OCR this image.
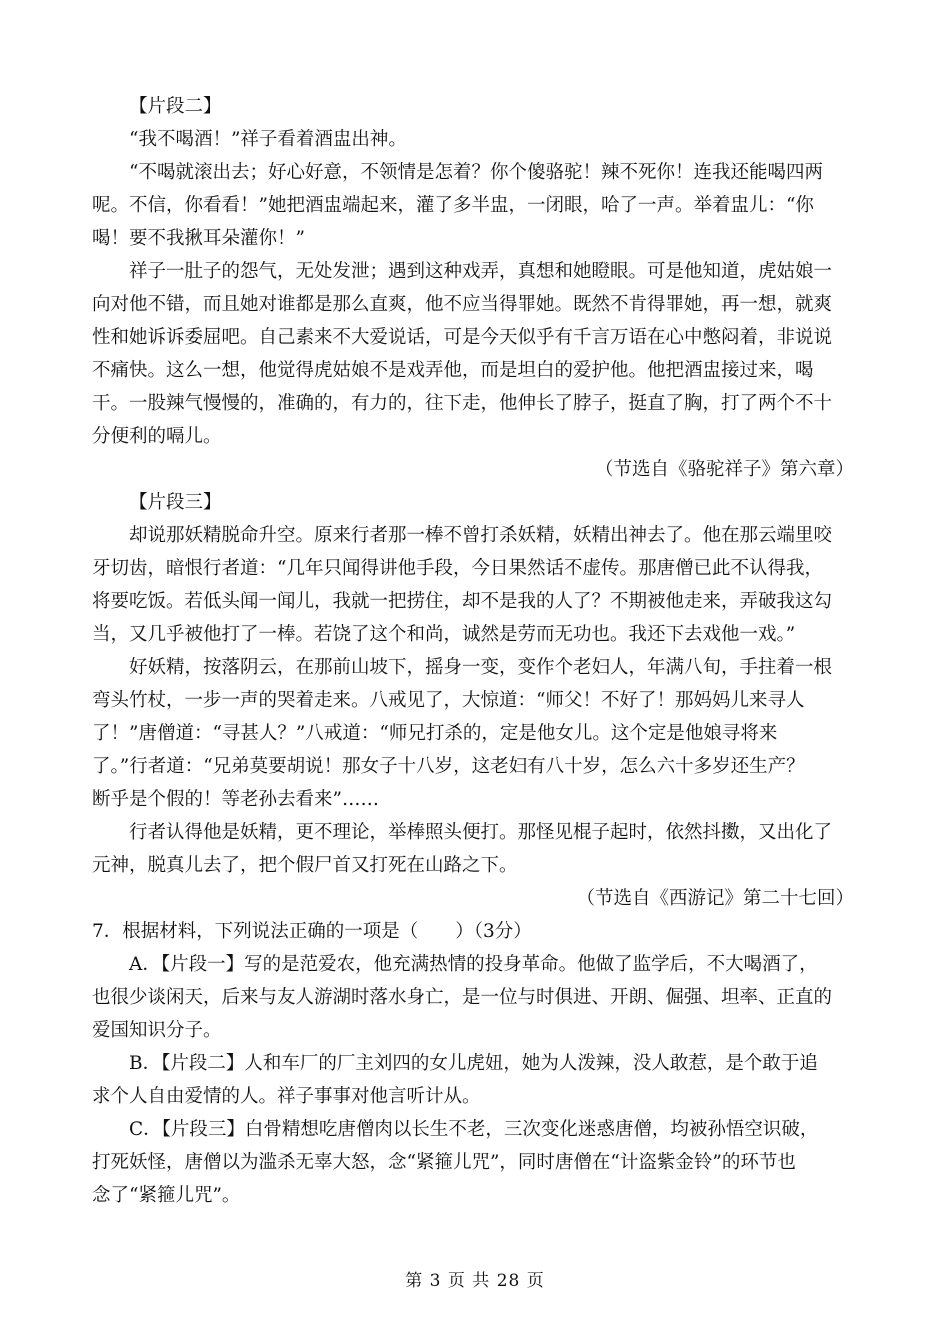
【片段二】
“我不喝酒！”祥子看着酒盅出神。
“不喝就滚出去；好心好意，不领情是怎着？你个傻骆驼！辣不死你！连我还能喝四两
呢。不信，你看看！”她把酒盅端起来，灌了多半盅，一闭眼，哈了一声。举着盅儿：“你
喝！要不我揪耳朵灌你！”
祥子一肚子的怨气，无处发泄；遇到这种戏弄，真想和她瞪眼。可是他知道，虎姑娘一
向对他不错，而且她对谁都是那么直爽，他不应当得罪她。既然不肯得罪她，再一想，就爽
性和她诉诉委屈吧。自己素来不大爱说话，可是今天似乎有千言万语在心中憋闷着，非说说
不痛快。这么一想，他觉得虎姑娘不是戏弄他，而是坦白的爱护他。他把酒盅接过来，喝
干。一股辣气慢慢的，准确的，有力的，往下走，他伸长了脖子，挺直了胸，打了两个不十
分便利的嗝儿。
（节选自《骆驼祥子》第六章）
【片段三】
却说那妖精脱命升空。原来行者那一棒不曾打杀妖精，妖精出神去了。他在那云端里咬
牙切齿，暗恨行者道：“几年只闻得讲他手段，今日果然话不虚传。那唐僧已此不认得我，
将要吃饭。若低头闻一闻儿，我就一把捞住，却不是我的人了？不期被他走来，弄破我这勾
当，又几乎被他打了一棒。若饶了这个和尚，诚然是劳而无功也。我还下去戏他一戏。”
好妖精，按落阴云，在那前山坡下，摇身一变，变作个老妇人，年满八旬，手拄着一根
弯头竹杖，一步一声的哭着走来。八戒见了，大惊道：“师父！不好了！那妈妈儿来寻人
了！”唐僧道：“寻甚人？”八戒道：“师兄打杀的，定是他女儿。这个定是他娘寻将来
了。”行者道：“兄弟莫要胡说！那女子十八岁，这老妇有八十岁，怎么六十多岁还生产？
断乎是个假的！等老孙去看来”……
行者认得他是妖精，更不理论，举棒照头便打。那怪见棍子起时，依然抖擞，又出化了
元神，脱真儿去了，把个假尸首又打死在山路之下。
（节选自《西游记》第二十七回）
7．根据材料，下列说法正确的一项是（　　）（3分）
A．【片段一】写的是范爱农，他充满热情的投身革命。他做了监学后，不大喝酒了，
也很少谈闲天，后来与友人游湖时落水身亡，是一位与时俱进、开朗、倔强、坦率、正直的
爱国知识分子。
B．【片段二】人和车厂的厂主刘四的女儿虎妞，她为人泼辣，没人敢惹，是个敢于追
求个人自由爱情的人。祥子事事对他言听计从。
C．【片段三】白骨精想吃唐僧肉以长生不老，三次变化迷惑唐僧，均被孙悟空识破，
打死妖怪，唐僧以为滥杀无辜大怒，念“紧箍儿咒”，同时唐僧在“计盗紫金铃”的环节也
念了“紧箍儿咒”。
第 3 页 共 28 页
